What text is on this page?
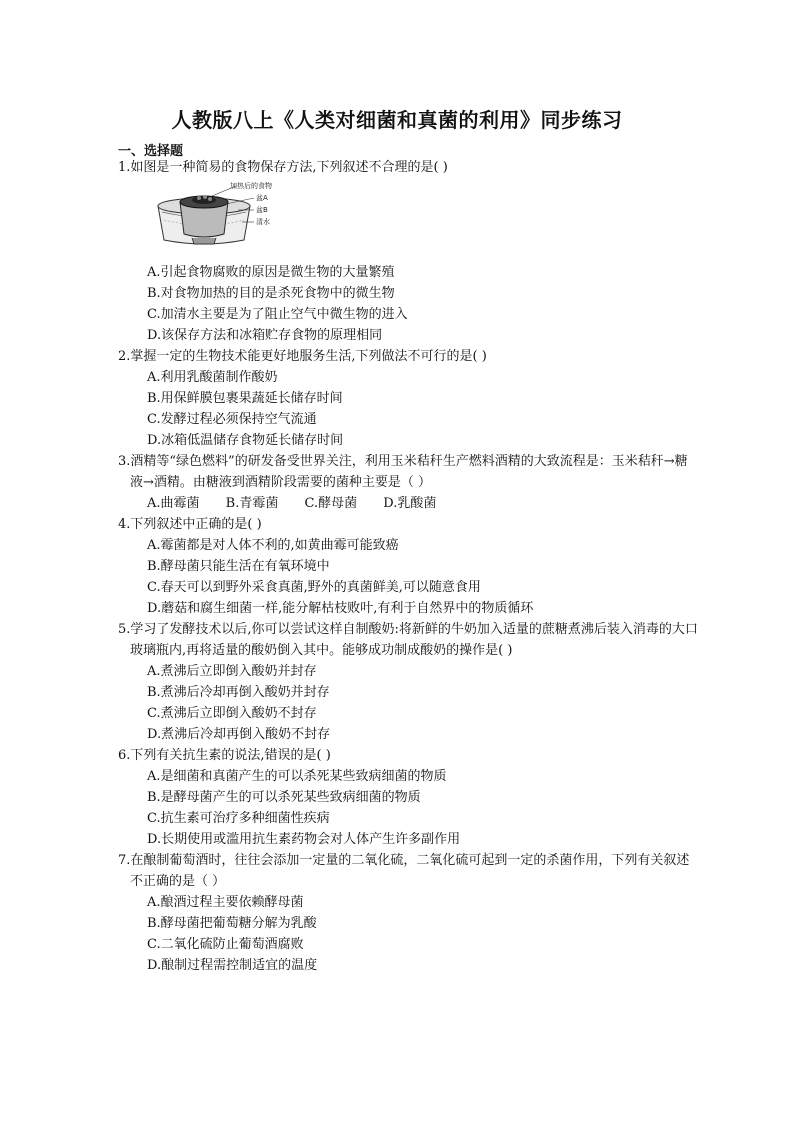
人教版八上《人类对细菌和真菌的利用》同步练习
一、选择题

1.如图是一种简易的食物保存方法,下列叙述不合理的是( )

加热后的食物
盆A
盆B
清水
A.引起食物腐败的原因是微生物的大量繁殖
B.对食物加热的目的是杀死食物中的微生物
C.加清水主要是为了阻止空气中微生物的进入
D.该保存方法和冰箱贮存食物的原理相同

2.掌握一定的生物技术能更好地服务生活,下列做法不可行的是( )

A.利用乳酸菌制作酸奶
B.用保鲜膜包裹果蔬延长储存时间
C.发酵过程必须保持空气流通
D.冰箱低温储存食物延长储存时间

3.酒精等“绿色燃料”的研发备受世界关注，利用玉米秸秆生产燃料酒精的大致流程是：玉米秸秆→糖液→酒精。由糖液到酒精阶段需要的菌种主要是（ ）

A.曲霉菌 B.青霉菌 C.酵母菌 D.乳酸菌

4.下列叙述中正确的是( )

A.霉菌都是对人体不利的,如黄曲霉可能致癌
B.酵母菌只能生活在有氧环境中
C.春天可以到野外采食真菌,野外的真菌鲜美,可以随意食用
D.蘑菇和腐生细菌一样,能分解枯枝败叶,有利于自然界中的物质循环

5.学习了发酵技术以后,你可以尝试这样自制酸奶:将新鲜的牛奶加入适量的蔗糖煮沸后装入消毒的大口玻璃瓶内,再将适量的酸奶倒入其中。能够成功制成酸奶的操作是( )

A.煮沸后立即倒入酸奶并封存
B.煮沸后冷却再倒入酸奶并封存
C.煮沸后立即倒入酸奶不封存
D.煮沸后冷却再倒入酸奶不封存

6.下列有关抗生素的说法,错误的是( )

A.是细菌和真菌产生的可以杀死某些致病细菌的物质
B.是酵母菌产生的可以杀死某些致病细菌的物质
C.抗生素可治疗多种细菌性疾病
D.长期使用或滥用抗生素药物会对人体产生许多副作用

7.在酿制葡萄酒时，往往会添加一定量的二氧化硫，二氧化硫可起到一定的杀菌作用，下列有关叙述不正确的是（ ）

A.酿酒过程主要依赖酵母菌
B.酵母菌把葡萄糖分解为乳酸
C.二氧化硫防止葡萄酒腐败
D.酿制过程需控制适宜的温度
